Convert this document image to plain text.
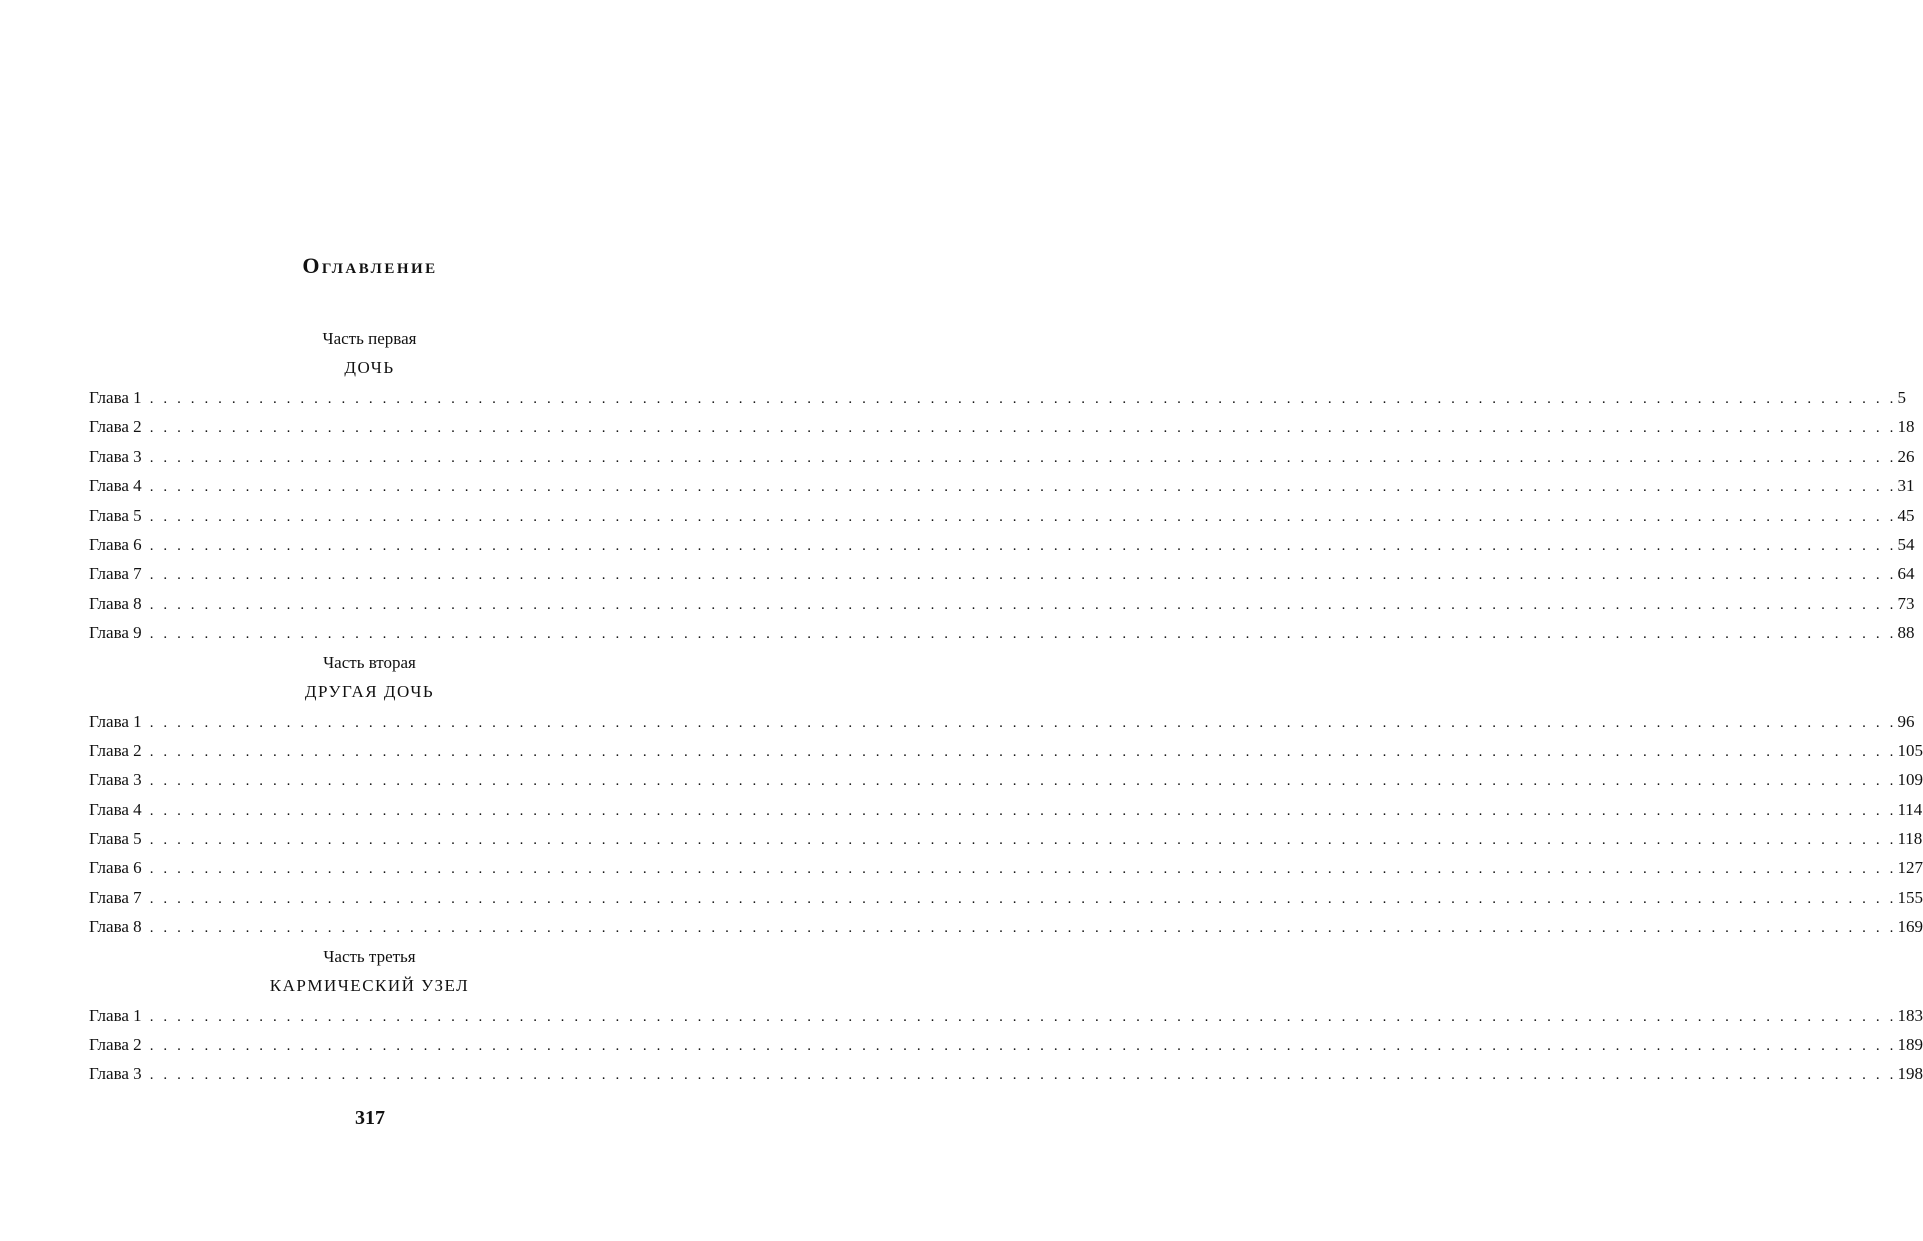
Оглавление
Часть первая
ДОЧЬ
Глава 1 . . . . . . . . . . . . . . . . . . . . . . . . . . . . . . . . . . . . . . . . . . . . . . . . . . . . . . . . . . . . . . . . . . . . . . . . . . . . . . . . . . . . . . . . . . . . . . . . . . . . . . . . . . . . . . . . . . . . . . . . . . . . . . . . 5
Глава 2 . . . . . . . . . . . . . . . . . . . . . . . . . . . . . . . . . . . . . . . . . . . . . . . . . . . . . . . . . . . . . . . . . . . . . . . . . . . . . . . . . . . . . . . . . . . . . . . . . . . . . . . . . . . . . . . . . . . . . . . . . . . . . . . . 18
Глава 3 . . . . . . . . . . . . . . . . . . . . . . . . . . . . . . . . . . . . . . . . . . . . . . . . . . . . . . . . . . . . . . . . . . . . . . . . . . . . . . . . . . . . . . . . . . . . . . . . . . . . . . . . . . . . . . . . . . . . . . . . . . . . . . . . 26
Глава 4 . . . . . . . . . . . . . . . . . . . . . . . . . . . . . . . . . . . . . . . . . . . . . . . . . . . . . . . . . . . . . . . . . . . . . . . . . . . . . . . . . . . . . . . . . . . . . . . . . . . . . . . . . . . . . . . . . . . . . . . . . . . . . . . . 31
Глава 5 . . . . . . . . . . . . . . . . . . . . . . . . . . . . . . . . . . . . . . . . . . . . . . . . . . . . . . . . . . . . . . . . . . . . . . . . . . . . . . . . . . . . . . . . . . . . . . . . . . . . . . . . . . . . . . . . . . . . . . . . . . . . . . . . 45
Глава 6 . . . . . . . . . . . . . . . . . . . . . . . . . . . . . . . . . . . . . . . . . . . . . . . . . . . . . . . . . . . . . . . . . . . . . . . . . . . . . . . . . . . . . . . . . . . . . . . . . . . . . . . . . . . . . . . . . . . . . . . . . . . . . . . . 54
Глава 7 . . . . . . . . . . . . . . . . . . . . . . . . . . . . . . . . . . . . . . . . . . . . . . . . . . . . . . . . . . . . . . . . . . . . . . . . . . . . . . . . . . . . . . . . . . . . . . . . . . . . . . . . . . . . . . . . . . . . . . . . . . . . . . . . 64
Глава 8 . . . . . . . . . . . . . . . . . . . . . . . . . . . . . . . . . . . . . . . . . . . . . . . . . . . . . . . . . . . . . . . . . . . . . . . . . . . . . . . . . . . . . . . . . . . . . . . . . . . . . . . . . . . . . . . . . . . . . . . . . . . . . . . . 73
Глава 9 . . . . . . . . . . . . . . . . . . . . . . . . . . . . . . . . . . . . . . . . . . . . . . . . . . . . . . . . . . . . . . . . . . . . . . . . . . . . . . . . . . . . . . . . . . . . . . . . . . . . . . . . . . . . . . . . . . . . . . . . . . . . . . . . 88
Часть вторая
ДРУГАЯ ДОЧЬ
Глава 1 . . . . . . . . . . . . . . . . . . . . . . . . . . . . . . . . . . . . . . . . . . . . . . . . . . . . . . . . . . . . . . . . . . . . . . . . . . . . . . . . . . . . . . . . . . . . . . . . . . . . . . . . . . . . . . . . . . . . . . . . . . . . . . . . 96
Глава 2 . . . . . . . . . . . . . . . . . . . . . . . . . . . . . . . . . . . . . . . . . . . . . . . . . . . . . . . . . . . . . . . . . . . . . . . . . . . . . . . . . . . . . . . . . . . . . . . . . . . . . . . . . . . . . . . . . . . . . . . . . . . . . . . . 105
Глава 3 . . . . . . . . . . . . . . . . . . . . . . . . . . . . . . . . . . . . . . . . . . . . . . . . . . . . . . . . . . . . . . . . . . . . . . . . . . . . . . . . . . . . . . . . . . . . . . . . . . . . . . . . . . . . . . . . . . . . . . . . . . . . . . . . 109
Глава 4 . . . . . . . . . . . . . . . . . . . . . . . . . . . . . . . . . . . . . . . . . . . . . . . . . . . . . . . . . . . . . . . . . . . . . . . . . . . . . . . . . . . . . . . . . . . . . . . . . . . . . . . . . . . . . . . . . . . . . . . . . . . . . . . . 114
Глава 5 . . . . . . . . . . . . . . . . . . . . . . . . . . . . . . . . . . . . . . . . . . . . . . . . . . . . . . . . . . . . . . . . . . . . . . . . . . . . . . . . . . . . . . . . . . . . . . . . . . . . . . . . . . . . . . . . . . . . . . . . . . . . . . . . 118
Глава 6 . . . . . . . . . . . . . . . . . . . . . . . . . . . . . . . . . . . . . . . . . . . . . . . . . . . . . . . . . . . . . . . . . . . . . . . . . . . . . . . . . . . . . . . . . . . . . . . . . . . . . . . . . . . . . . . . . . . . . . . . . . . . . . . . 127
Глава 7 . . . . . . . . . . . . . . . . . . . . . . . . . . . . . . . . . . . . . . . . . . . . . . . . . . . . . . . . . . . . . . . . . . . . . . . . . . . . . . . . . . . . . . . . . . . . . . . . . . . . . . . . . . . . . . . . . . . . . . . . . . . . . . . . 155
Глава 8 . . . . . . . . . . . . . . . . . . . . . . . . . . . . . . . . . . . . . . . . . . . . . . . . . . . . . . . . . . . . . . . . . . . . . . . . . . . . . . . . . . . . . . . . . . . . . . . . . . . . . . . . . . . . . . . . . . . . . . . . . . . . . . . . 169
Часть третья
КАРМИЧЕСКИЙ УЗЕЛ
Глава 1 . . . . . . . . . . . . . . . . . . . . . . . . . . . . . . . . . . . . . . . . . . . . . . . . . . . . . . . . . . . . . . . . . . . . . . . . . . . . . . . . . . . . . . . . . . . . . . . . . . . . . . . . . . . . . . . . . . . . . . . . . . . . . . . . 183
Глава 2 . . . . . . . . . . . . . . . . . . . . . . . . . . . . . . . . . . . . . . . . . . . . . . . . . . . . . . . . . . . . . . . . . . . . . . . . . . . . . . . . . . . . . . . . . . . . . . . . . . . . . . . . . . . . . . . . . . . . . . . . . . . . . . . . 189
Глава 3 . . . . . . . . . . . . . . . . . . . . . . . . . . . . . . . . . . . . . . . . . . . . . . . . . . . . . . . . . . . . . . . . . . . . . . . . . . . . . . . . . . . . . . . . . . . . . . . . . . . . . . . . . . . . . . . . . . . . . . . . . . . . . . . . 198
317
